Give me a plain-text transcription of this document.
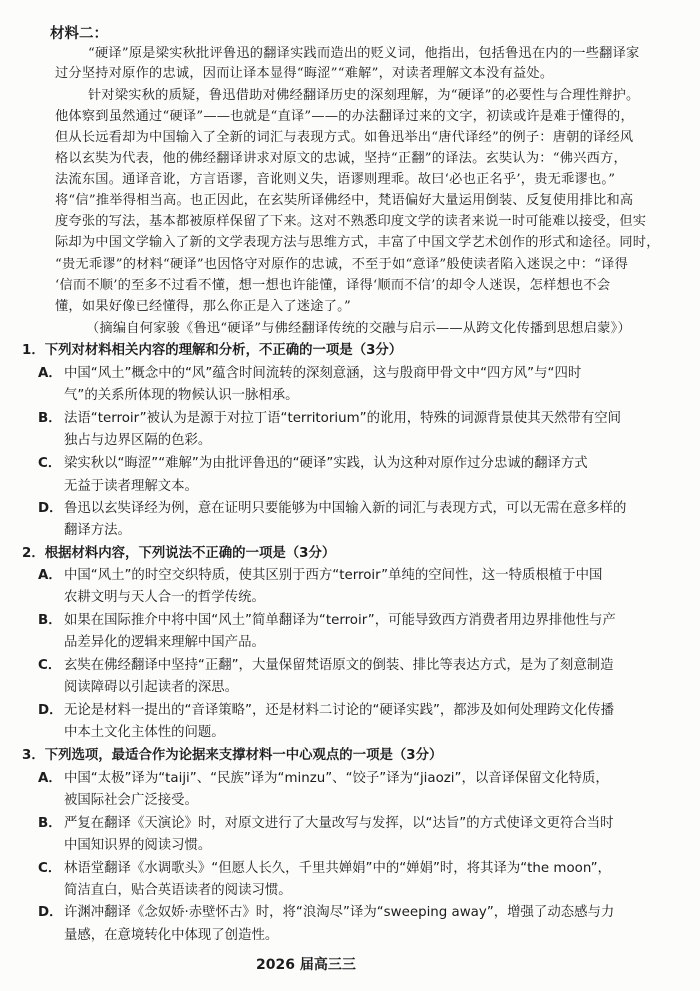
材料二：
“硬译”原是梁实秋批评鲁迅的翻译实践而造出的贬义词，他指出，包括鲁迅在内的一些翻译家
过分坚持对原作的忠诚，因而让译本显得“晦涩”“难解”，对读者理解文本没有益处。
针对梁实秋的质疑，鲁迅借助对佛经翻译历史的深刻理解，为“硬译”的必要性与合理性辩护。
他体察到虽然通过“硬译”——也就是“直译”——的办法翻译过来的文字，初读或许是难于懂得的，
但从长远看却为中国输入了全新的词汇与表现方式。如鲁迅举出“唐代译经”的例子：唐朝的译经风
格以玄奘为代表，他的佛经翻译讲求对原文的忠诚，坚持“正翻”的译法。玄奘认为：“佛兴西方，
法流东国。通译音讹，方言语谬，音讹则义失，语谬则理乖。故曰‘必也正名乎’，贵无乖谬也。”
将“信”推举得相当高。也正因此，在玄奘所译佛经中，梵语偏好大量运用倒装、反复使用排比和高
度夸张的写法，基本都被原样保留了下来。这对不熟悉印度文学的读者来说一时可能难以接受，但实
际却为中国文学输入了新的文学表现方法与思维方式，丰富了中国文学艺术创作的形式和途径。同时，
“贵无乖谬”的材料“硬译”也因恪守对原作的忠诚，不至于如“意译”般使读者陷入迷误之中：“译得
‘信而不顺’的至多不过看不懂，想一想也许能懂，译得‘顺而不信’的却令人迷误，怎样想也不会
懂，如果好像已经懂得，那么你正是入了迷途了。”
（摘编自何家骏《鲁迅“硬译”与佛经翻译传统的交融与启示——从跨文化传播到思想启蒙》）
1．下列对材料相关内容的理解和分析，不正确的一项是（3分）
A． 中国“风土”概念中的“风”蕴含时间流转的深刻意涵，这与殷商甲骨文中“四方风”与“四时
气”的关系所体现的物候认识一脉相承。
B． 法语“terroir”被认为是源于对拉丁语“territorium”的讹用，特殊的词源背景使其天然带有空间
独占与边界区隔的色彩。
C． 梁实秋以“晦涩”“难解”为由批评鲁迅的“硬译”实践，认为这种对原作过分忠诚的翻译方式
无益于读者理解文本。
D． 鲁迅以玄奘译经为例，意在证明只要能够为中国输入新的词汇与表现方式，可以无需在意多样的
翻译方法。
2．根据材料内容，下列说法不正确的一项是（3分）
A． 中国“风土”的时空交织特质，使其区别于西方“terroir”单纯的空间性，这一特质根植于中国
农耕文明与天人合一的哲学传统。
B． 如果在国际推介中将中国“风土”简单翻译为“terroir”，可能导致西方消费者用边界排他性与产
品差异化的逻辑来理解中国产品。
C． 玄奘在佛经翻译中坚持“正翻”，大量保留梵语原文的倒装、排比等表达方式，是为了刻意制造
阅读障碍以引起读者的深思。
D． 无论是材料一提出的“音译策略”，还是材料二讨论的“硬译实践”，都涉及如何处理跨文化传播
中本土文化主体性的问题。
3．下列选项，最适合作为论据来支撑材料一中心观点的一项是（3分）
A． 中国“太极”译为“taiji”、“民族”译为“minzu”、“饺子”译为“jiaozi”，以音译保留文化特质，
被国际社会广泛接受。
B． 严复在翻译《天演论》时，对原文进行了大量改写与发挥，以“达旨”的方式使译文更符合当时
中国知识界的阅读习惯。
C． 林语堂翻译《水调歌头》“但愿人长久，千里共婵娟”中的“婵娟”时，将其译为“the moon”，
简洁直白，贴合英语读者的阅读习惯。
D． 许渊冲翻译《念奴娇·赤壁怀古》时，将“浪淘尽”译为“sweeping away”，增强了动态感与力
量感，在意境转化中体现了创造性。
2026 届高三三
